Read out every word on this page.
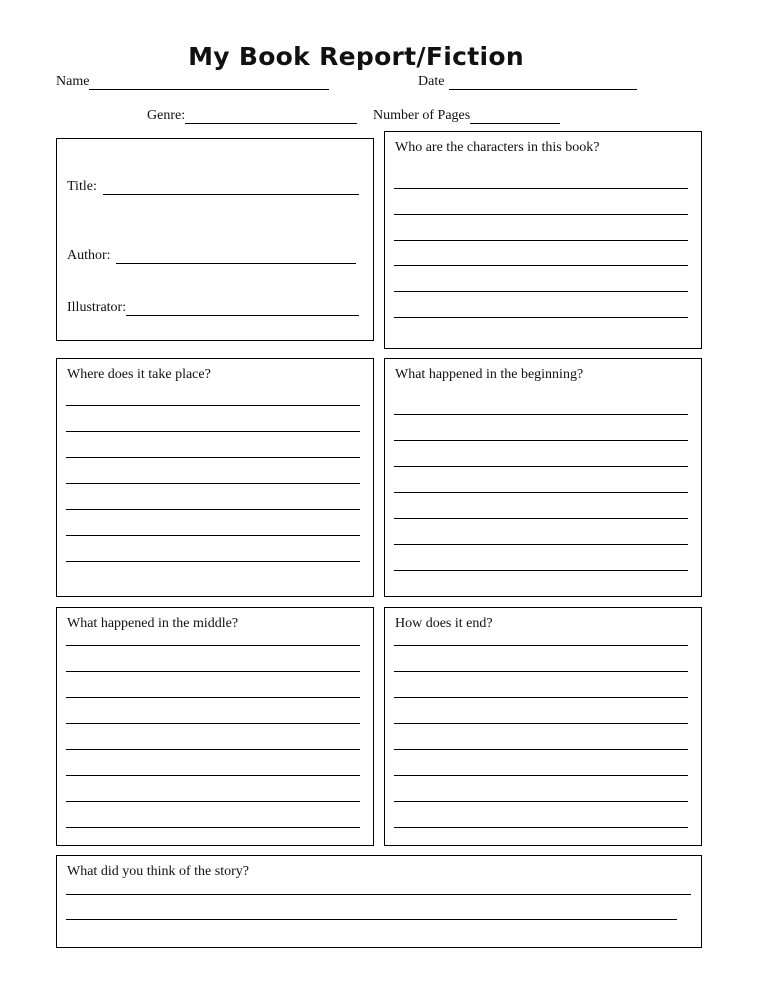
My Book Report/Fiction
Name	Date
Genre:	Number of Pages
Title:
Author:
Illustrator:
Who are the characters in this book?
Where does it take place?	What happened in the beginning?
What happened in the middle?	How does it end?
What did you think of the story?
